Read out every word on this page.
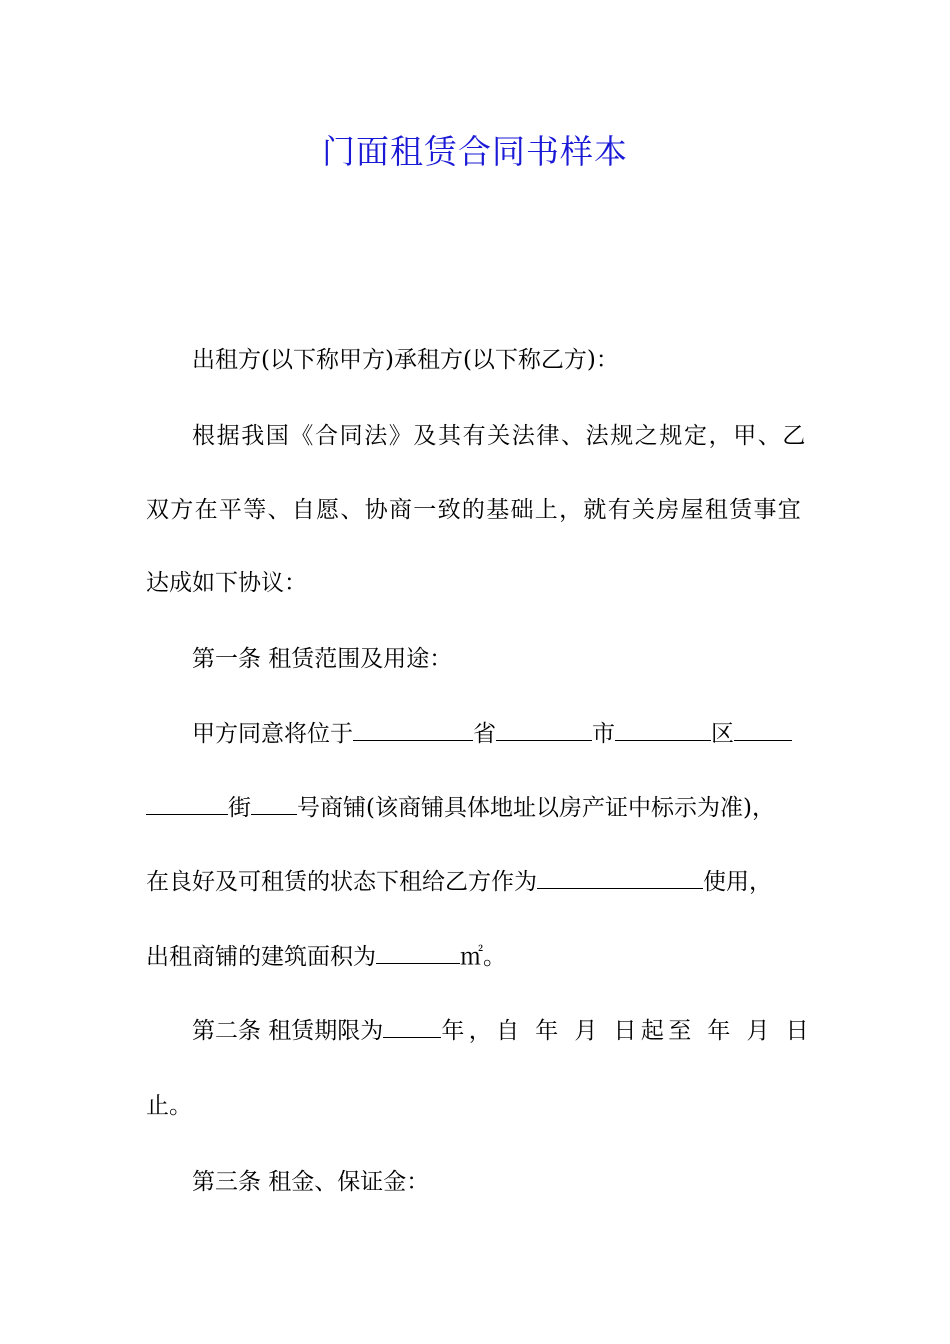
门面租赁合同书样本
出租方(以下称甲方)承租方(以下称乙方)：
根据我国《合同法》及其有关法律、法规之规定，甲、乙
双方在平等、自愿、协商一致的基础上，就有关房屋租赁事宜
达成如下协议：
第一条 租赁范围及用途：
甲方同意将位于	省	市	区
街 号商铺(该商铺具体地址以房产证中标示为准)，
在良好及可租赁的状态下租给乙方作为	使用，
出租商铺的建筑面积为	㎡。
第二条 租赁期限为	年，自 年 月 日起至 年 月 日
止。
第三条 租金、保证金：
